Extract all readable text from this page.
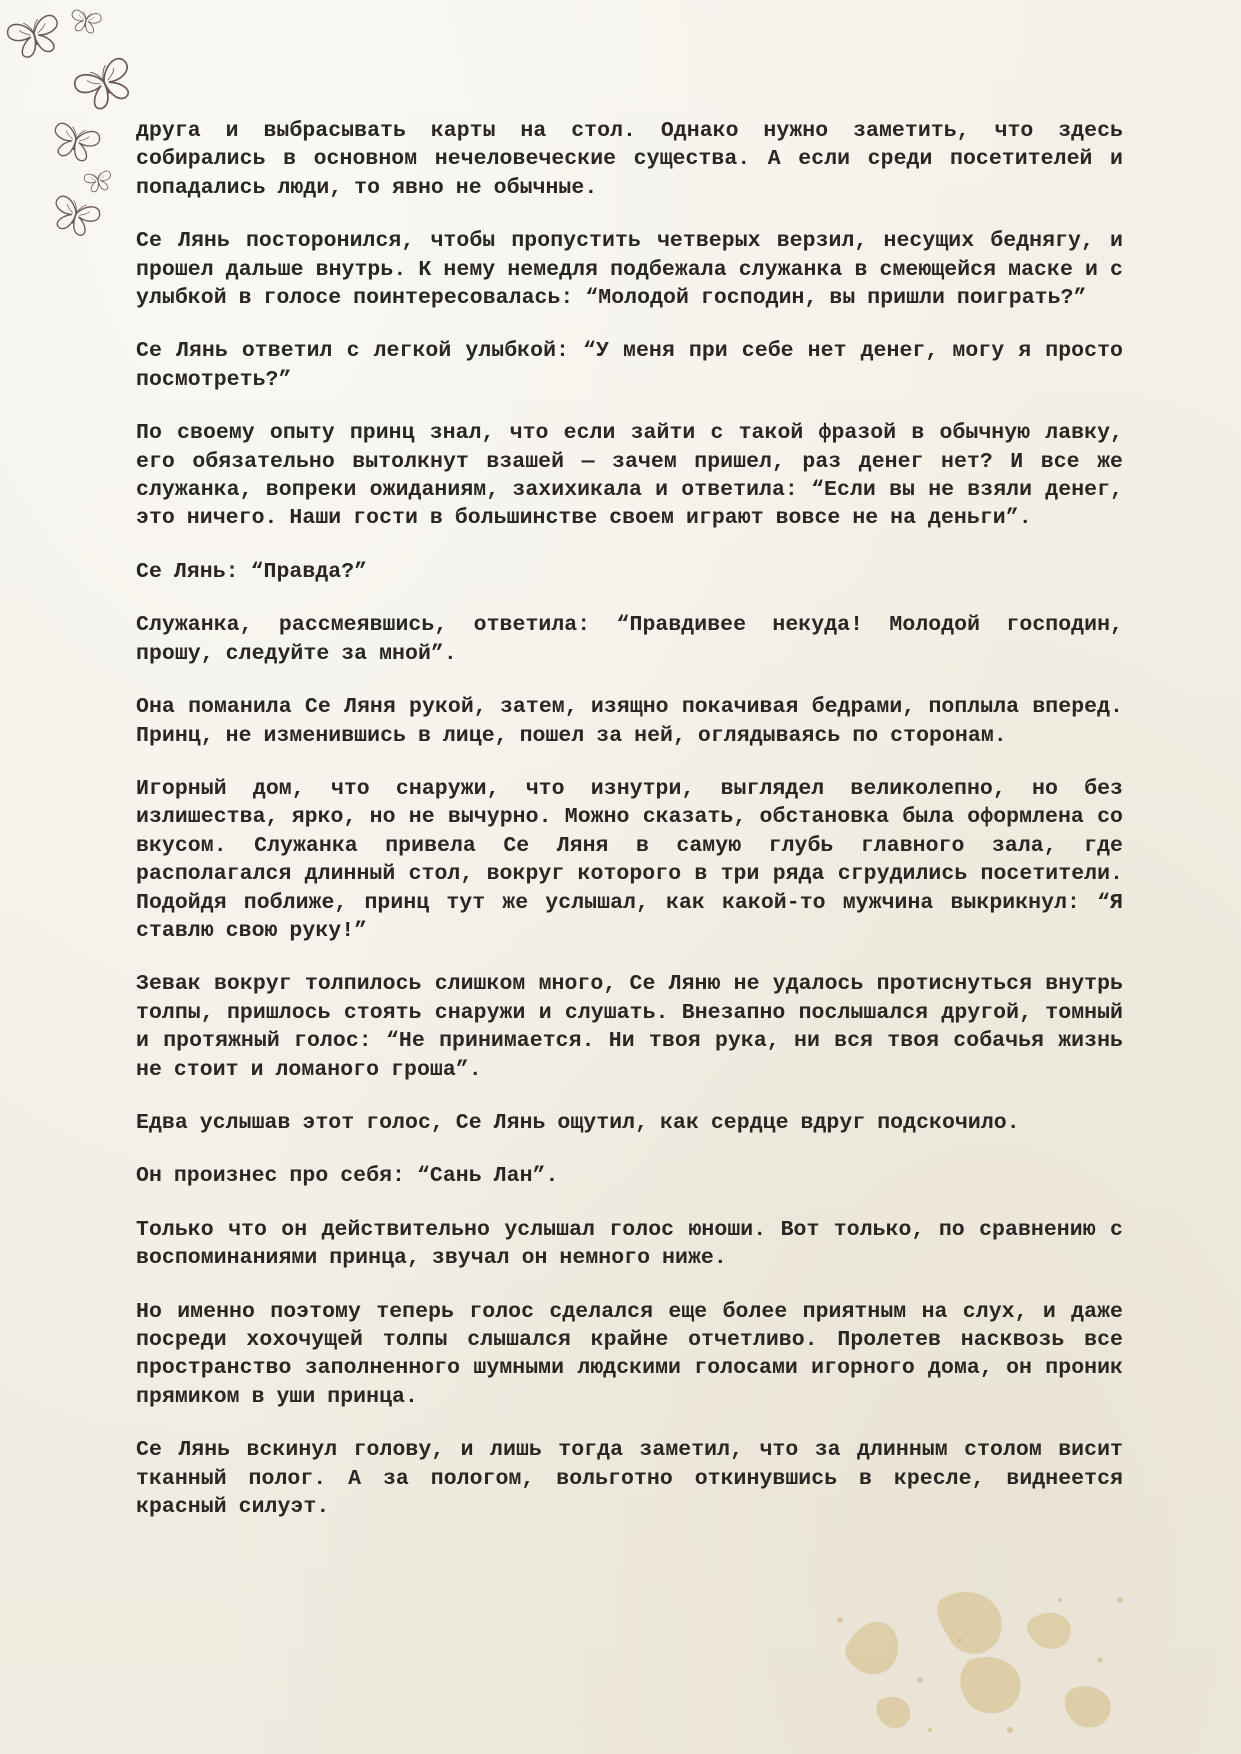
друга и выбрасывать карты на стол. Однако нужно заметить, что здесь собирались в основном нечеловеческие существа. А если среди посетителей и попадались люди, то явно не обычные.

Се Лянь посторонился, чтобы пропустить четверых верзил, несущих беднягу, и прошел дальше внутрь. К нему немедля подбежала служанка в смеющейся маске и с улыбкой в голосе поинтересовалась: “Молодой господин, вы пришли поиграть?”

Се Лянь ответил с легкой улыбкой: “У меня при себе нет денег, могу я просто посмотреть?”

По своему опыту принц знал, что если зайти с такой фразой в обычную лавку, его обязательно вытолкнут взашей — зачем пришел, раз денег нет? И все же служанка, вопреки ожиданиям, захихикала и ответила: “Если вы не взяли денег, это ничего. Наши гости в большинстве своем играют вовсе не на деньги”.

Се Лянь: “Правда?”

Служанка, рассмеявшись, ответила: “Правдивее некуда! Молодой господин, прошу, следуйте за мной”.

Она поманила Се Ляня рукой, затем, изящно покачивая бедрами, поплыла вперед. Принц, не изменившись в лице, пошел за ней, оглядываясь по сторонам.

Игорный дом, что снаружи, что изнутри, выглядел великолепно, но без излишества, ярко, но не вычурно. Можно сказать, обстановка была оформлена со вкусом. Служанка привела Се Ляня в самую глубь главного зала, где располагался длинный стол, вокруг которого в три ряда сгрудились посетители. Подойдя поближе, принц тут же услышал, как какой-то мужчина выкрикнул: “Я ставлю свою руку!”

Зевак вокруг толпилось слишком много, Се Ляню не удалось протиснуться внутрь толпы, пришлось стоять снаружи и слушать. Внезапно послышался другой, томный и протяжный голос: “Не принимается. Ни твоя рука, ни вся твоя собачья жизнь не стоит и ломаного гроша”.

Едва услышав этот голос, Се Лянь ощутил, как сердце вдруг подскочило.

Он произнес про себя: “Сань Лан”.

Только что он действительно услышал голос юноши. Вот только, по сравнению с воспоминаниями принца, звучал он немного ниже.

Но именно поэтому теперь голос сделался еще более приятным на слух, и даже посреди хохочущей толпы слышался крайне отчетливо. Пролетев насквозь все пространство заполненного шумными людскими голосами игорного дома, он проник прямиком в уши принца.

Се Лянь вскинул голову, и лишь тогда заметил, что за длинным столом висит тканный полог. А за пологом, вольготно откинувшись в кресле, виднеется красный силуэт.
